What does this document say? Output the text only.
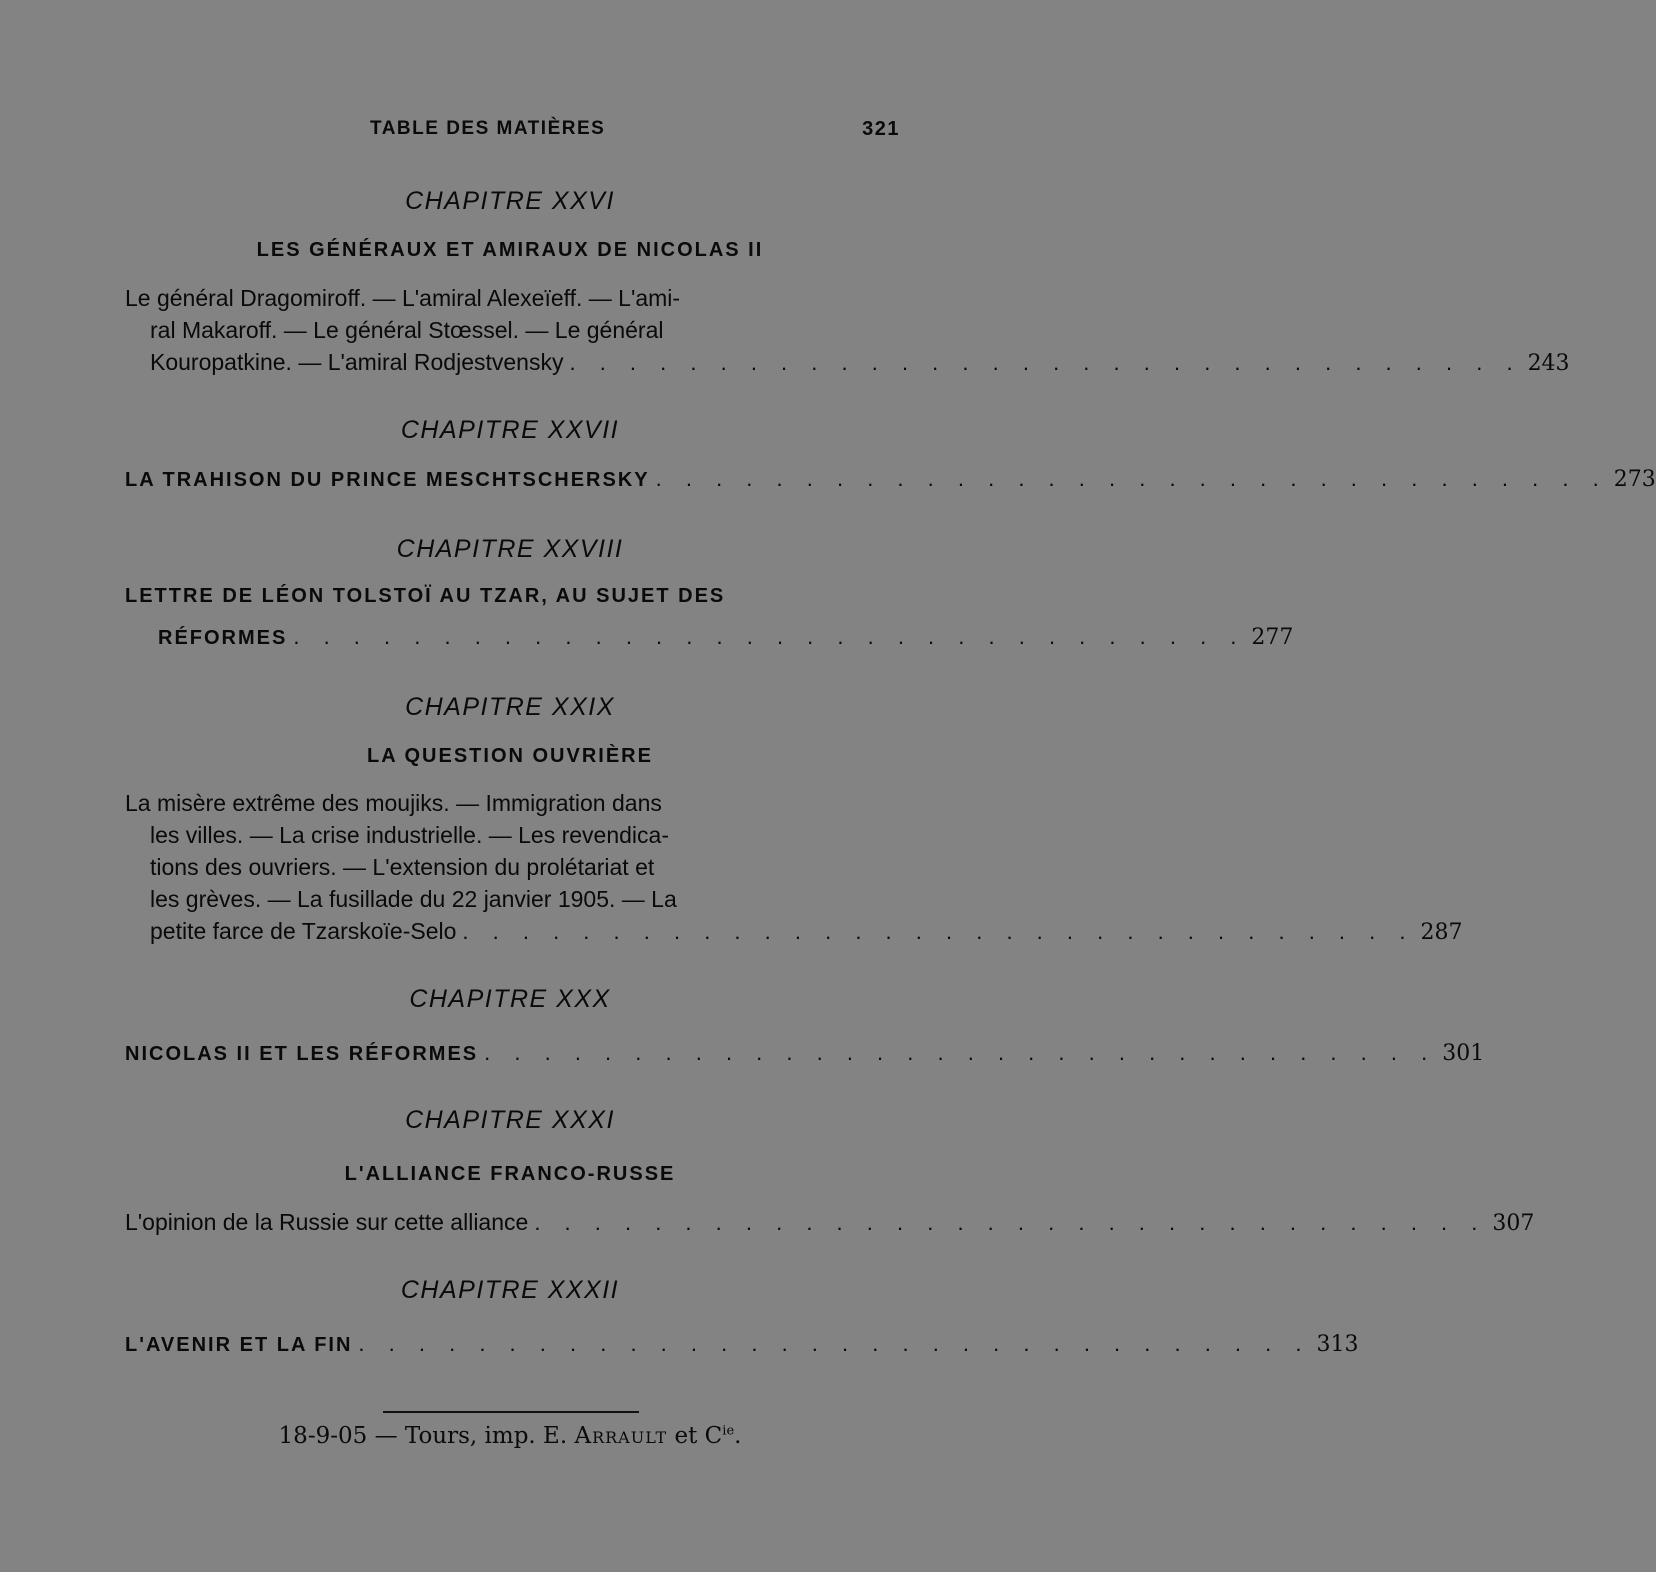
TABLE DES MATIÈRES	321
CHAPITRE XXVI
LES GÉNÉRAUX ET AMIRAUX DE NICOLAS II
Le général Dragomiroff. — L'amiral Alexeïeff. — L'ami-
ral Makaroff. — Le général Stœssel. — Le général
Kouropatkine. — L'amiral Rodjestvensky . . . . . . . . . . . . . . . . . . . . . . . . . . . . . . . . 243
CHAPITRE XXVII
LA TRAHISON DU PRINCE MESCHTSCHERSKY . . . . . . . . . . . . . . . . . . . . . . . . . . . . . . . . 273
CHAPITRE XXVIII
LETTRE DE LÉON TOLSTOÏ AU TZAR, AU SUJET DES
RÉFORMES . . . . . . . . . . . . . . . . . . . . . . . . . . . . . . . . 277
CHAPITRE XXIX
LA QUESTION OUVRIÈRE
La misère extrême des moujiks. — Immigration dans
les villes. — La crise industrielle. — Les revendica-
tions des ouvriers. — L'extension du prolétariat et
les grèves. — La fusillade du 22 janvier 1905. — La
petite farce de Tzarskoïe-Selo . . . . . . . . . . . . . . . . . . . . . . . . . . . . . . . . 287
CHAPITRE XXX
NICOLAS II ET LES RÉFORMES . . . . . . . . . . . . . . . . . . . . . . . . . . . . . . . . 301
CHAPITRE XXXI
L'ALLIANCE FRANCO-RUSSE
L'opinion de la Russie sur cette alliance . . . . . . . . . . . . . . . . . . . . . . . . . . . . . . . . 307
CHAPITRE XXXII
L'AVENIR ET LA FIN . . . . . . . . . . . . . . . . . . . . . . . . . . . . . . . . 313
18-9-05 — Tours, imp. E. Arrault et $C^{ie}$.
